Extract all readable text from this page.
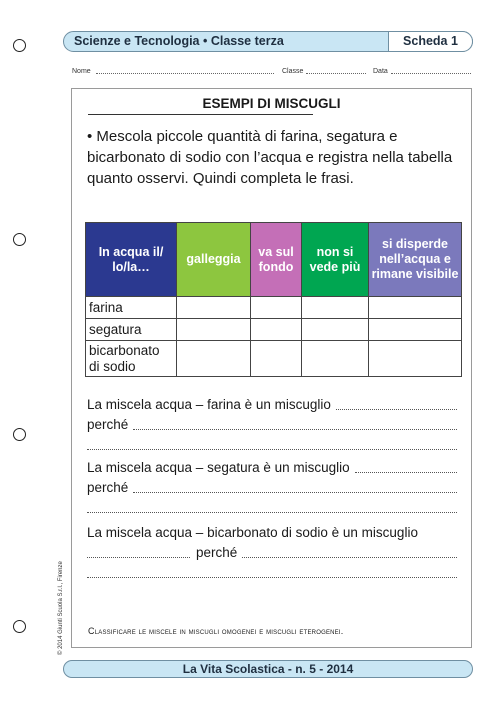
Scienze e Tecnologia • Classe terza	Scheda 1
Nome	Classe	Data
ESEMPI DI MISCUGLI
• Mescola piccole quantità di farina, segatura e bicarbonato di sodio con l’acqua e registra nella tabella quanto osservi. Quindi completa le frasi.
In acqua il/ lo/la…	galleggia	va sul fondo	non si vede più	si disperde nell’acqua e rimane visibile
farina				
segatura				
bicarbonato di sodio				
La miscela acqua – farina è un miscuglio
perché
La miscela acqua – segatura è un miscuglio
perché
La miscela acqua – bicarbonato di sodio è un miscuglio
perché
Classificare le miscele in miscugli omogenei e miscugli eterogenei.
© 2014 Giunti Scuola S.r.l., Firenze
La Vita Scolastica - n. 5 - 2014
